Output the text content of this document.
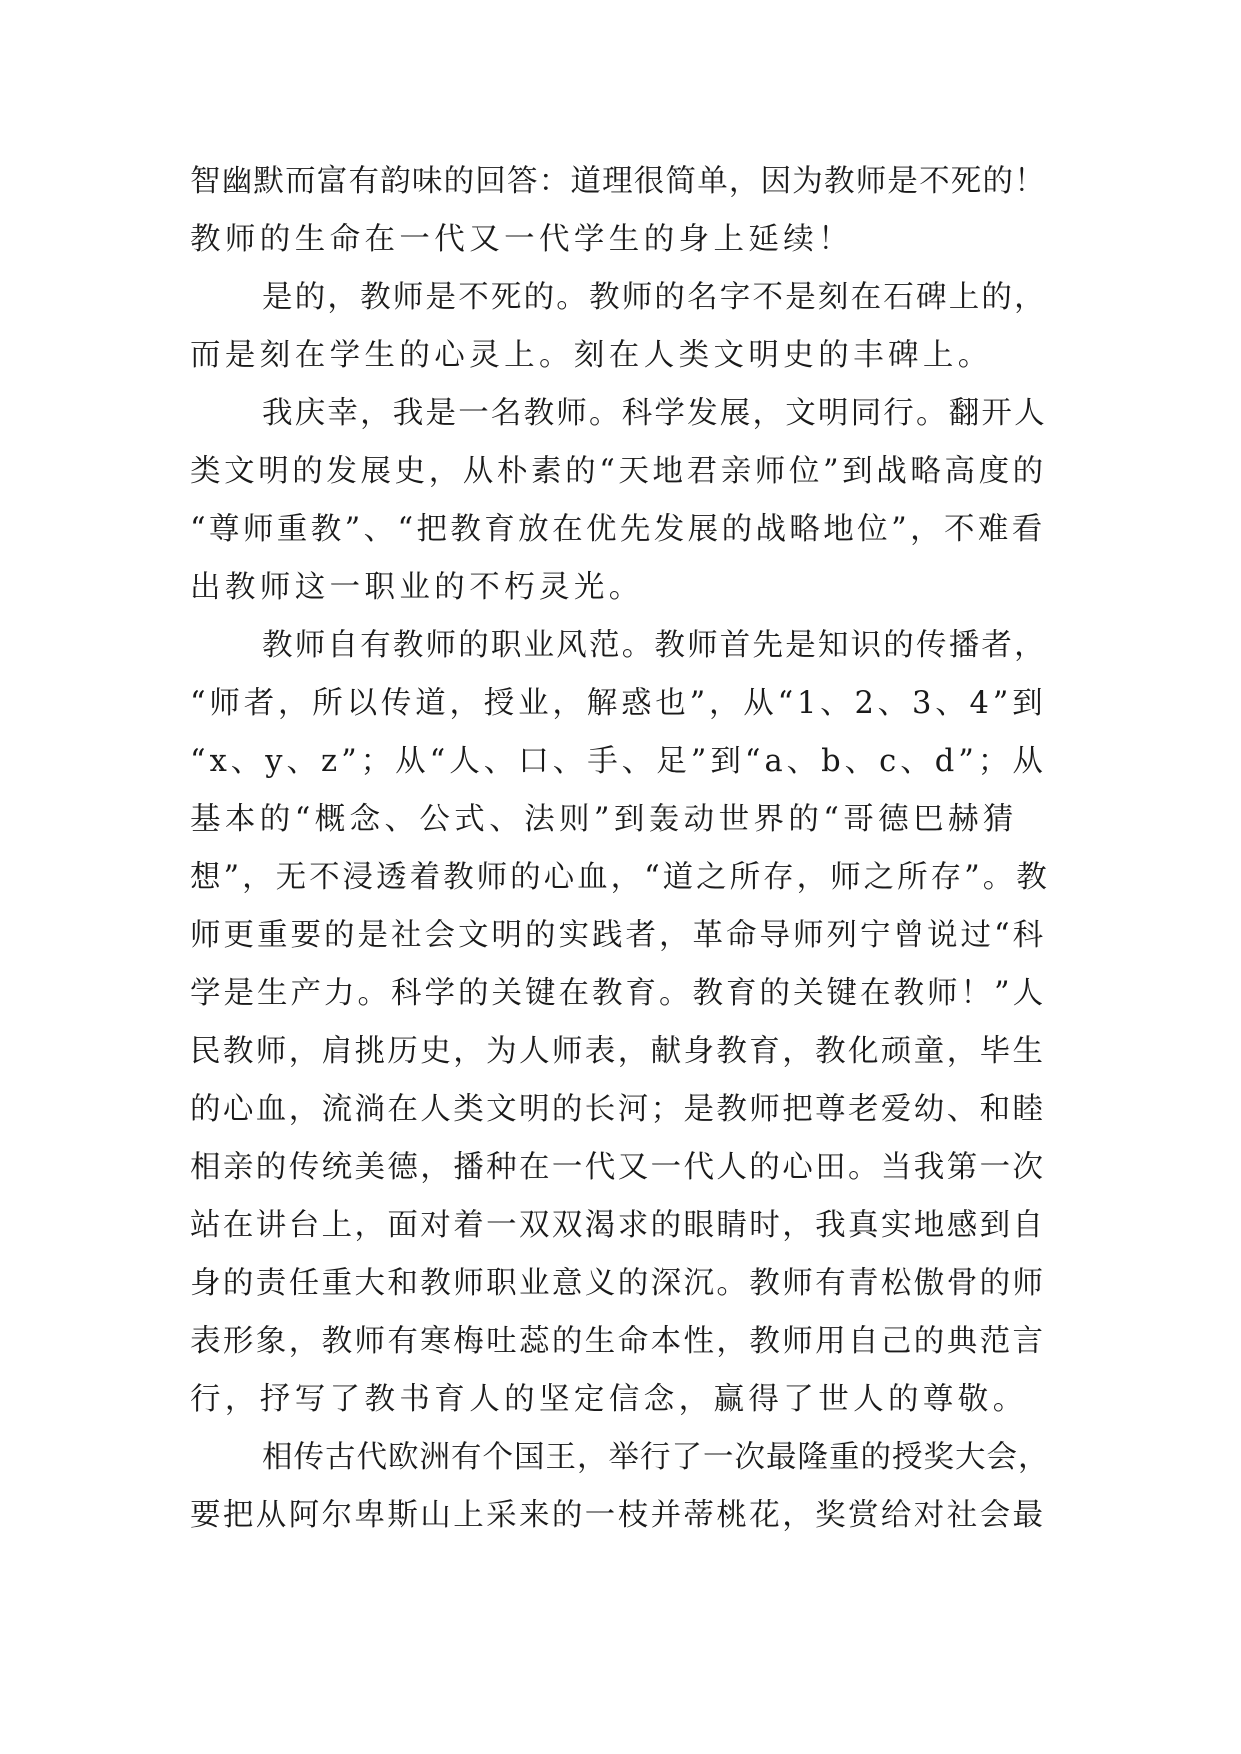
智幽默而富有韵味的回答：道理很简单，因为教师是不死的！
教师的生命在一代又一代学生的身上延续！
是的，教师是不死的。教师的名字不是刻在石碑上的，
而是刻在学生的心灵上。刻在人类文明史的丰碑上。
我庆幸，我是一名教师。科学发展，文明同行。翻开人
类文明的发展史，从朴素的“天地君亲师位”到战略高度的
“尊师重教”、“把教育放在优先发展的战略地位”，不难看
出教师这一职业的不朽灵光。
教师自有教师的职业风范。教师首先是知识的传播者，
“师者，所以传道，授业，解惑也”，从“1、2、3、4”到
“x、y、z”；从“人、口、手、足”到“a、b、c、d”；从
基本的“概念、公式、法则”到轰动世界的“哥德巴赫猜
想”，无不浸透着教师的心血，“道之所存，师之所存”。教
师更重要的是社会文明的实践者，革命导师列宁曾说过“科
学是生产力。科学的关键在教育。教育的关键在教师！”人
民教师，肩挑历史，为人师表，献身教育，教化顽童，毕生
的心血，流淌在人类文明的长河；是教师把尊老爱幼、和睦
相亲的传统美德，播种在一代又一代人的心田。当我第一次
站在讲台上，面对着一双双渴求的眼睛时，我真实地感到自
身的责任重大和教师职业意义的深沉。教师有青松傲骨的师
表形象，教师有寒梅吐蕊的生命本性，教师用自己的典范言
行，抒写了教书育人的坚定信念，赢得了世人的尊敬。
相传古代欧洲有个国王，举行了一次最隆重的授奖大会，
要把从阿尔卑斯山上采来的一枝并蒂桃花，奖赏给对社会最
